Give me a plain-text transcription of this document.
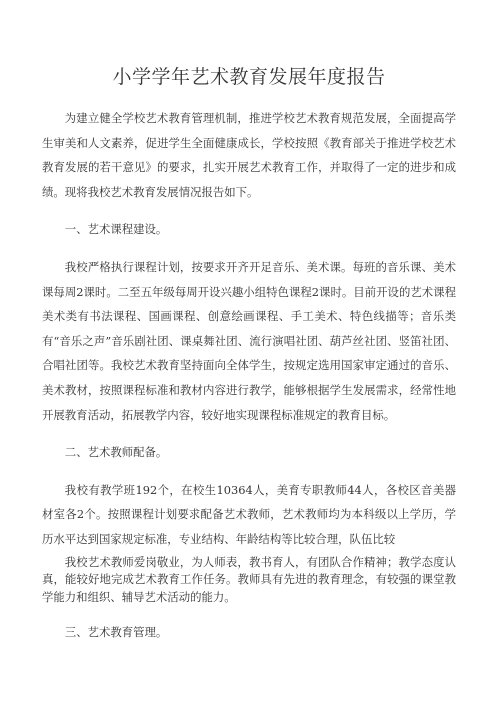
小学学年艺术教育发展年度报告

为建立健全学校艺术教育管理机制，推进学校艺术教育规范发展，全面提高学生审美和人文素养，促进学生全面健康成长，学校按照《教育部关于推进学校艺术教育发展的若干意见》的要求，扎实开展艺术教育工作，并取得了一定的进步和成绩。现将我校艺术教育发展情况报告如下。

一、艺术课程建设。

我校严格执行课程计划，按要求开齐开足音乐、美术课。每班的音乐课、美术课每周2课时。二至五年级每周开设兴趣小组特色课程2课时。目前开设的艺术课程美术类有书法课程、国画课程、创意绘画课程、手工美术、特色线描等；音乐类有“音乐之声”音乐剧社团、课桌舞社团、流行演唱社团、葫芦丝社团、竖笛社团、合唱社团等。我校艺术教育坚持面向全体学生，按规定选用国家审定通过的音乐、美术教材，按照课程标准和教材内容进行教学，能够根据学生发展需求，经常性地开展教育活动，拓展教学内容，较好地实现课程标准规定的教育目标。

二、艺术教师配备。

我校有教学班192个，在校生10364人，美育专职教师44人，各校区音美器材室各2个。按照课程计划要求配备艺术教师，艺术教师均为本科级以上学历，学历水平达到国家规定标准，专业结构、年龄结构等比较合理，队伍比较

我校艺术教师爱岗敬业，为人师表，教书育人，有团队合作精神；教学态度认真，能较好地完成艺术教育工作任务。教师具有先进的教育理念，有较强的课堂教学能力和组织、辅导艺术活动的能力。

三、艺术教育管理。
